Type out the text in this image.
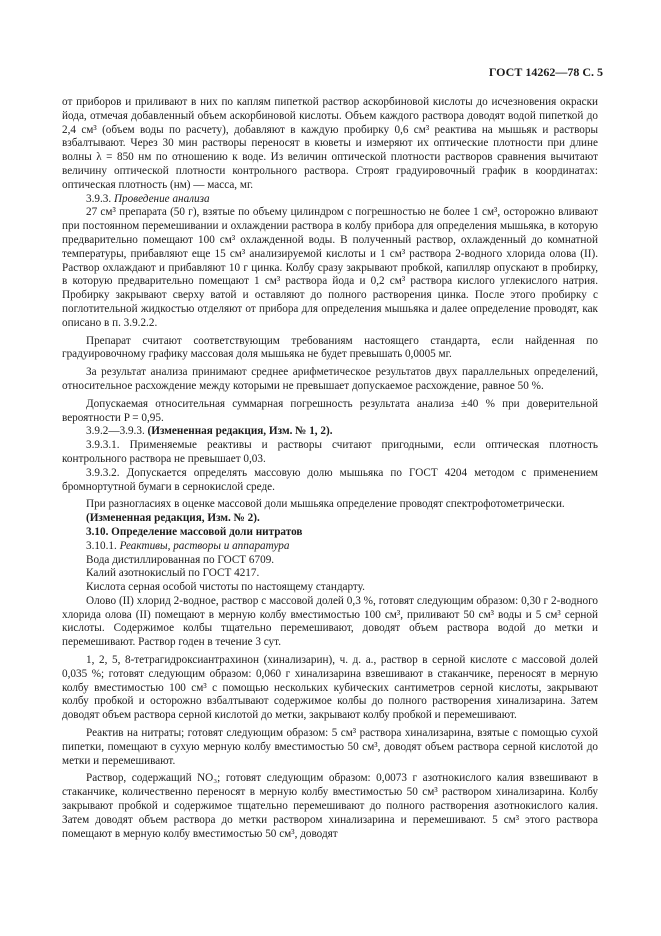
ГОСТ 14262—78 С. 5

от приборов и приливают в них по каплям пипеткой раствор аскорбиновой кислоты до исчезновения окраски йода, отмечая добавленный объем аскорбиновой кислоты. Объем каждого раствора доводят водой пипеткой до 2,4 см³ (объем воды по расчету), добавляют в каждую пробирку 0,6 см³ реактива на мышьяк и растворы взбалтывают. Через 30 мин растворы переносят в кюветы и измеряют их оптические плотности при длине волны λ = 850 нм по отношению к воде. Из величин оптической плотности растворов сравнения вычитают величину оптической плотности контрольного раствора. Строят градуировочный график в координатах: оптическая плотность (нм) — масса, мг.

3.9.3. Проведение анализа

27 см³ препарата (50 г), взятые по объему цилиндром с погрешностью не более 1 см³, осторожно вливают при постоянном перемешивании и охлаждении раствора в колбу прибора для определения мышьяка, в которую предварительно помещают 100 см³ охлажденной воды. В полученный раствор, охлажденный до комнатной температуры, прибавляют еще 15 см³ анализируемой кислоты и 1 см³ раствора 2-водного хлорида олова (II). Раствор охлаждают и прибавляют 10 г цинка. Колбу сразу закрывают пробкой, капилляр опускают в пробирку, в которую предварительно помещают 1 см³ раствора йода и 0,2 см³ раствора кислого углекислого натрия. Пробирку закрывают сверху ватой и оставляют до полного растворения цинка. После этого пробирку с поглотительной жидкостью отделяют от прибора для определения мышьяка и далее определение проводят, как описано в п. 3.9.2.2.

Препарат считают соответствующим требованиям настоящего стандарта, если найденная по градуировочному графику массовая доля мышьяка не будет превышать 0,0005 мг.

За результат анализа принимают среднее арифметическое результатов двух параллельных определений, относительное расхождение между которыми не превышает допускаемое расхождение, равное 50 %.

Допускаемая относительная суммарная погрешность результата анализа ±40 % при доверительной вероятности P = 0,95.

3.9.2—3.9.3. (Измененная редакция, Изм. № 1, 2).

3.9.3.1. Применяемые реактивы и растворы считают пригодными, если оптическая плотность контрольного раствора не превышает 0,03.

3.9.3.2. Допускается определять массовую долю мышьяка по ГОСТ 4204 методом с применением бромнортутной бумаги в сернокислой среде.

При разногласиях в оценке массовой доли мышьяка определение проводят спектрофотометрически.

(Измененная редакция, Изм. № 2).

3.10. Определение массовой доли нитратов

3.10.1. Реактивы, растворы и аппаратура

Вода дистиллированная по ГОСТ 6709.

Калий азотнокислый по ГОСТ 4217.

Кислота серная особой чистоты по настоящему стандарту.

Олово (II) хлорид 2-водное, раствор с массовой долей 0,3 %, готовят следующим образом: 0,30 г 2-водного хлорида олова (II) помещают в мерную колбу вместимостью 100 см³, приливают 50 см³ воды и 5 см³ серной кислоты. Содержимое колбы тщательно перемешивают, доводят объем раствора водой до метки и перемешивают. Раствор годен в течение 3 сут.

1, 2, 5, 8-тетрагидроксиантрахинон (хинализарин), ч. д. а., раствор в серной кислоте с массовой долей 0,035 %; готовят следующим образом: 0,060 г хинализарина взвешивают в стаканчике, переносят в мерную колбу вместимостью 100 см³ с помощью нескольких кубических сантиметров серной кислоты, закрывают колбу пробкой и осторожно взбалтывают содержимое колбы до полного растворения хинализарина. Затем доводят объем раствора серной кислотой до метки, закрывают колбу пробкой и перемешивают.

Реактив на нитраты; готовят следующим образом: 5 см³ раствора хинализарина, взятые с помощью сухой пипетки, помещают в сухую мерную колбу вместимостью 50 см³, доводят объем раствора серной кислотой до метки и перемешивают.

Раствор, содержащий NO₃; готовят следующим образом: 0,0073 г азотнокислого калия взвешивают в стаканчике, количественно переносят в мерную колбу вместимостью 50 см³ раствором хинализарина. Колбу закрывают пробкой и содержимое тщательно перемешивают до полного растворения азотнокислого калия. Затем доводят объем раствора до метки раствором хинализарина и перемешивают. 5 см³ этого раствора помещают в мерную колбу вместимостью 50 см³, доводят
